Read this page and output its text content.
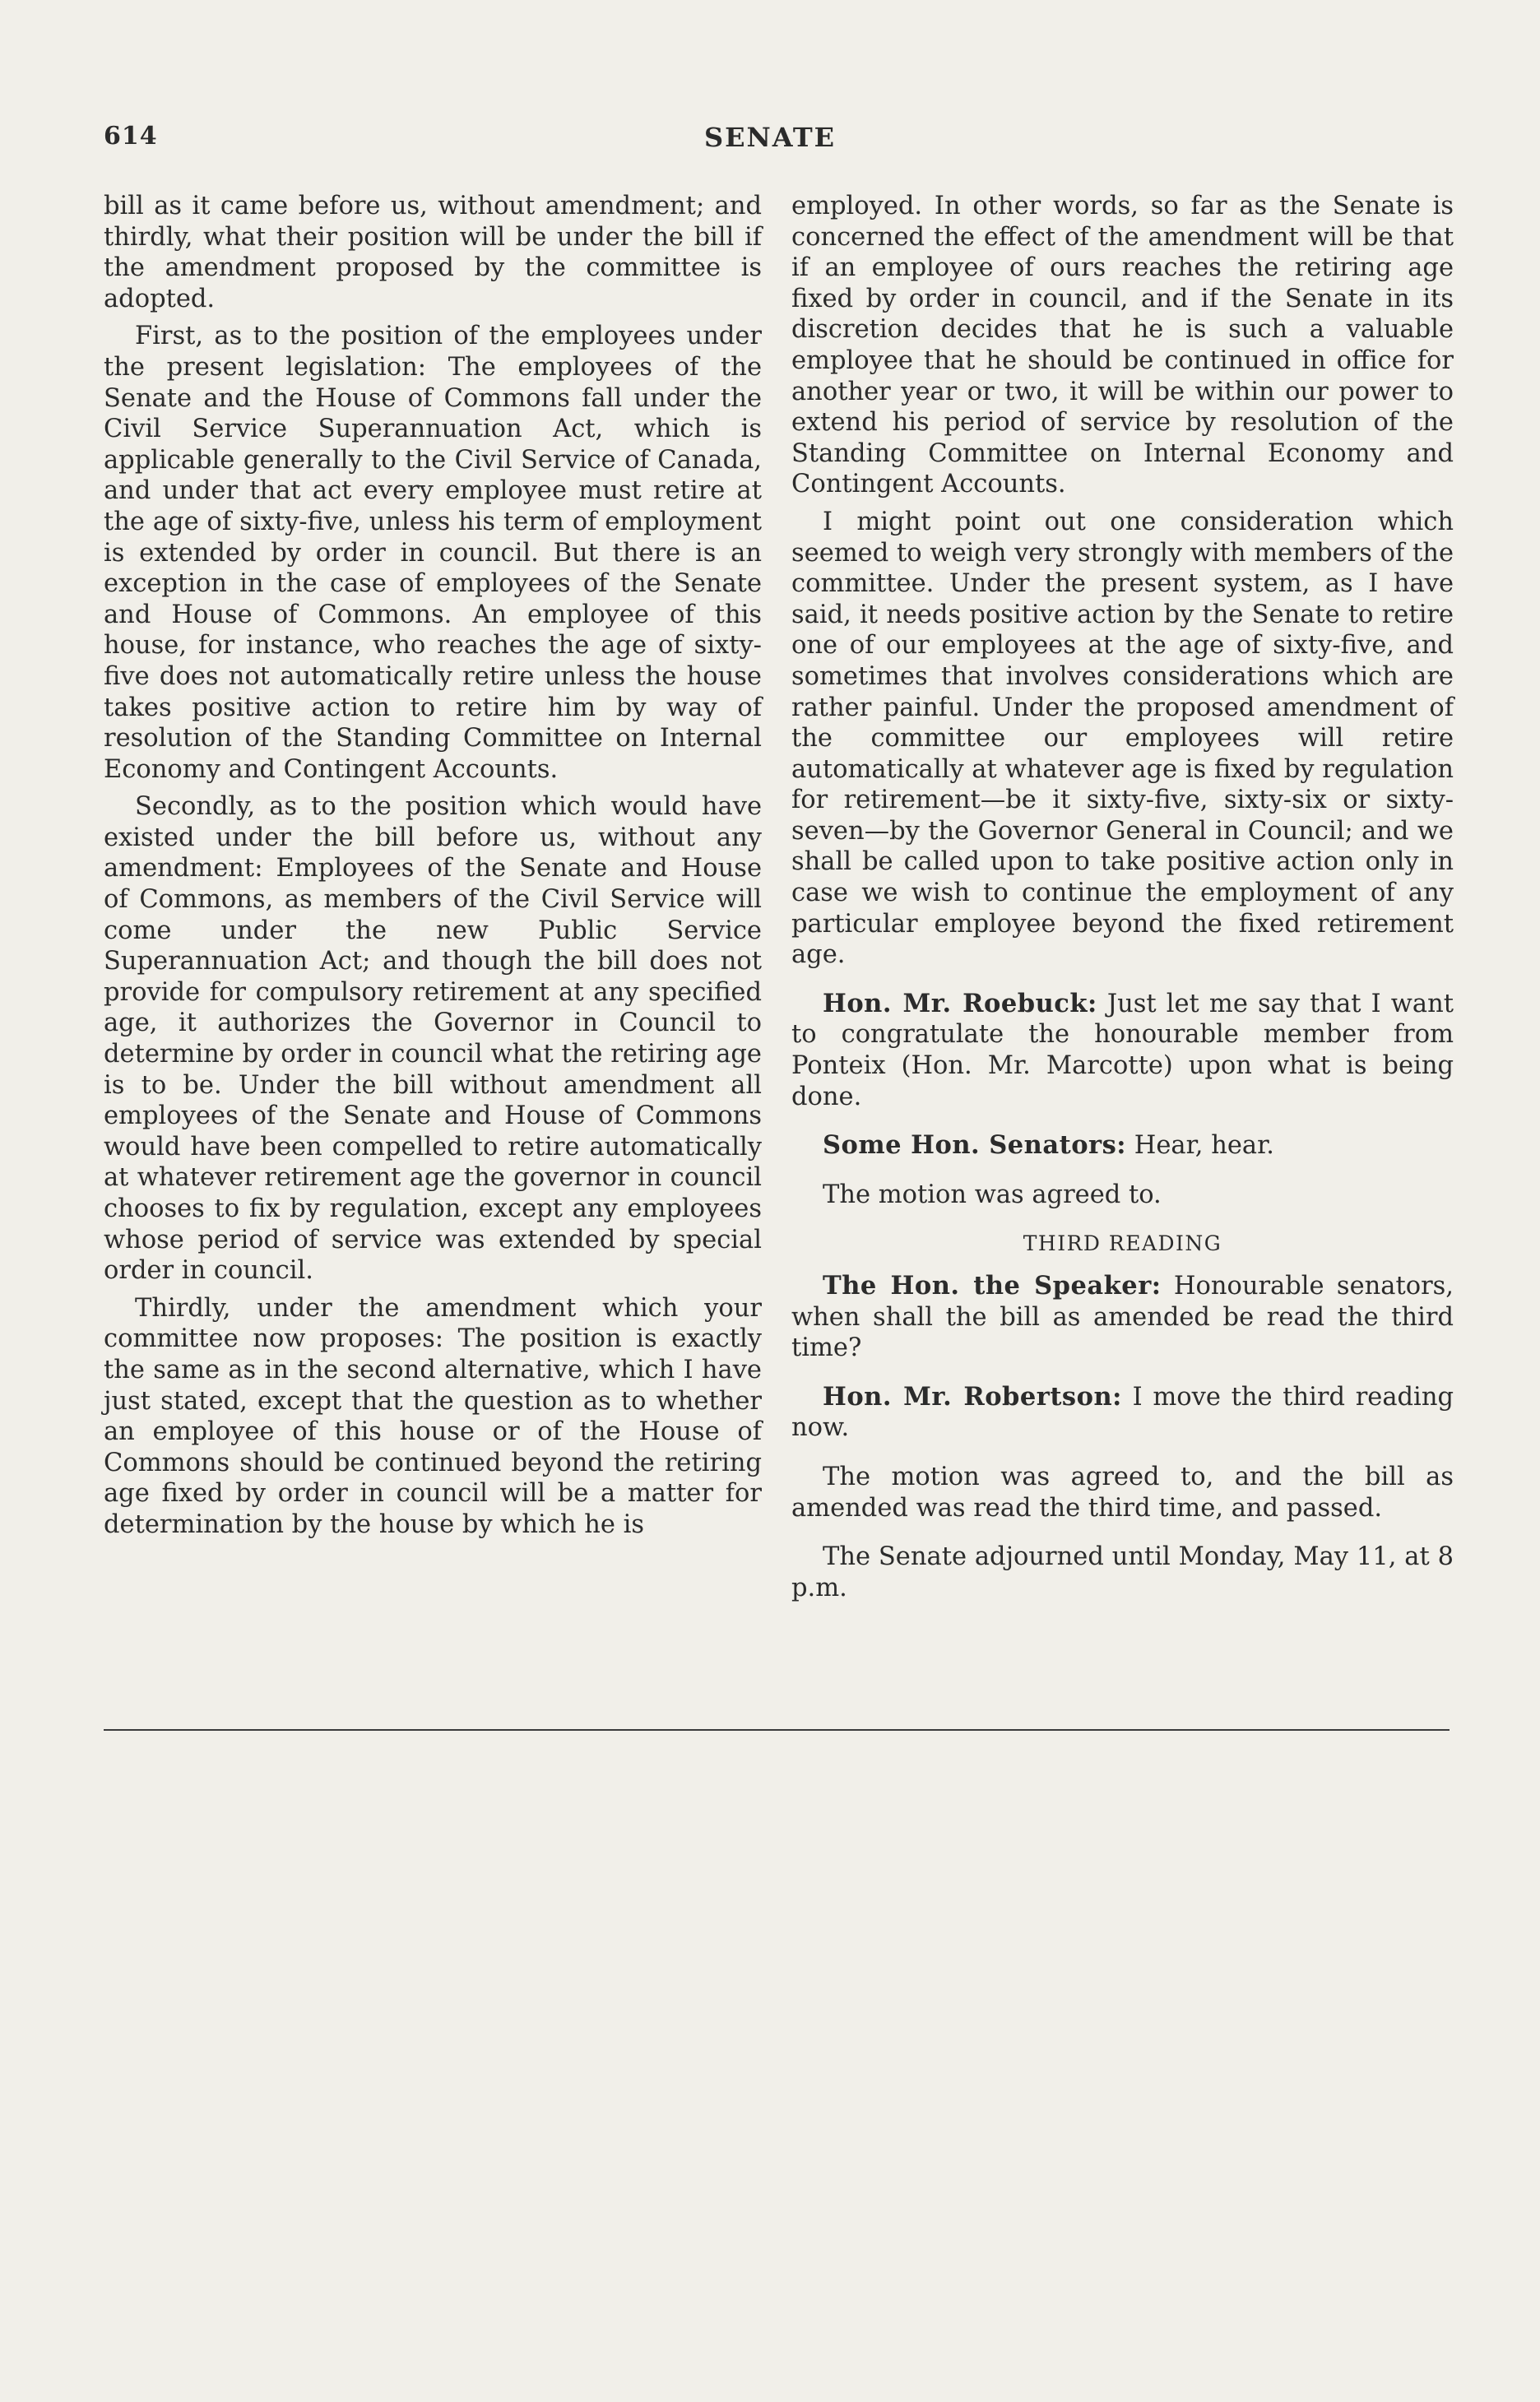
614	SENATE

bill as it came before us, without amendment; and thirdly, what their position will be under the bill if the amendment proposed by the committee is adopted.

First, as to the position of the employees under the present legislation: The employees of the Senate and the House of Commons fall under the Civil Service Superannuation Act, which is applicable generally to the Civil Service of Canada, and under that act every employee must retire at the age of sixty-five, unless his term of employment is extended by order in council. But there is an exception in the case of employees of the Senate and House of Commons. An employee of this house, for instance, who reaches the age of sixty-five does not automatically retire unless the house takes positive action to retire him by way of resolution of the Standing Committee on Internal Economy and Contingent Accounts.

Secondly, as to the position which would have existed under the bill before us, without any amendment: Employees of the Senate and House of Commons, as members of the Civil Service will come under the new Public Service Superannuation Act; and though the bill does not provide for compulsory retirement at any specified age, it authorizes the Governor in Council to determine by order in council what the retiring age is to be. Under the bill without amendment all employees of the Senate and House of Commons would have been compelled to retire automatically at whatever retirement age the governor in council chooses to fix by regulation, except any employees whose period of service was extended by special order in council.

Thirdly, under the amendment which your committee now proposes: The position is exactly the same as in the second alternative, which I have just stated, except that the question as to whether an employee of this house or of the House of Commons should be continued beyond the retiring age fixed by order in council will be a matter for determination by the house by which he is

employed. In other words, so far as the Senate is concerned the effect of the amendment will be that if an employee of ours reaches the retiring age fixed by order in council, and if the Senate in its discretion decides that he is such a valuable employee that he should be continued in office for another year or two, it will be within our power to extend his period of service by resolution of the Standing Committee on Internal Economy and Contingent Accounts.

I might point out one consideration which seemed to weigh very strongly with members of the committee. Under the present system, as I have said, it needs positive action by the Senate to retire one of our employees at the age of sixty-five, and sometimes that involves considerations which are rather painful. Under the proposed amendment of the committee our employees will retire automatically at whatever age is fixed by regulation for retirement—be it sixty-five, sixty-six or sixty-seven—by the Governor General in Council; and we shall be called upon to take positive action only in case we wish to continue the employment of any particular employee beyond the fixed retirement age.

Hon. Mr. Roebuck: Just let me say that I want to congratulate the honourable member from Ponteix (Hon. Mr. Marcotte) upon what is being done.

Some Hon. Senators: Hear, hear.

The motion was agreed to.

THIRD READING

The Hon. the Speaker: Honourable senators, when shall the bill as amended be read the third time?

Hon. Mr. Robertson: I move the third reading now.

The motion was agreed to, and the bill as amended was read the third time, and passed.

The Senate adjourned until Monday, May 11, at 8 p.m.
